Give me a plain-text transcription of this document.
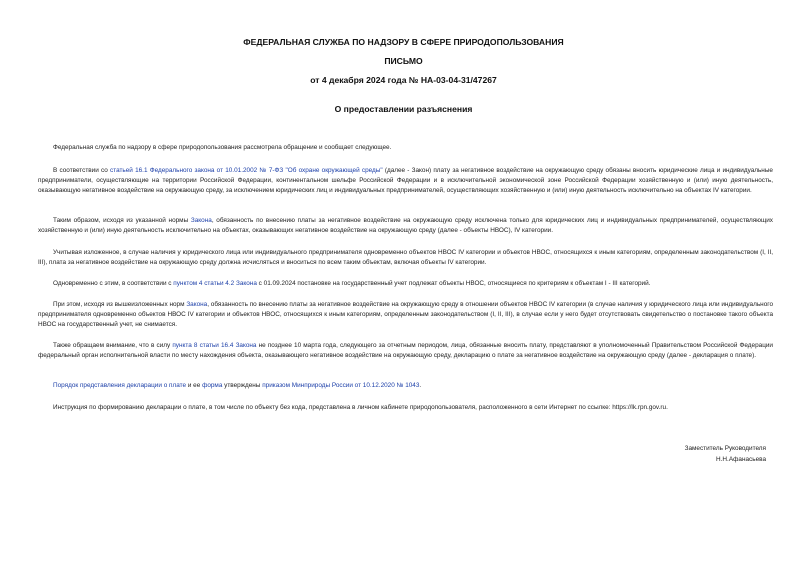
ФЕДЕРАЛЬНАЯ СЛУЖБА ПО НАДЗОРУ В СФЕРЕ ПРИРОДОПОЛЬЗОВАНИЯ
ПИСЬМО
от 4 декабря 2024 года № НА-03-04-31/47267
О предоставлении разъяснения

Федеральная служба по надзору в сфере природопользования рассмотрела обращение и сообщает следующее.

В соответствии со статьей 16.1 Федерального закона от 10.01.2002 № 7-ФЗ "Об охране окружающей среды" (далее - Закон) плату за негативное воздействие на окружающую среду обязаны вносить юридические лица и индивидуальные предприниматели, осуществляющие на территории Российской Федерации, континентальном шельфе Российской Федерации и в исключительной экономической зоне Российской Федерации хозяйственную и (или) иную деятельность, оказывающую негативное воздействие на окружающую среду, за исключением юридических лиц и индивидуальных предпринимателей, осуществляющих хозяйственную и (или) иную деятельность исключительно на объектах IV категории.

Таким образом, исходя из указанной нормы Закона, обязанность по внесению платы за негативное воздействие на окружающую среду исключена только для юридических лиц и индивидуальных предпринимателей, осуществляющих хозяйственную и (или) иную деятельность исключительно на объектах, оказывающих негативное воздействие на окружающую среду (далее - объекты НВОС), IV категории.

Учитывая изложенное, в случае наличия у юридического лица или индивидуального предпринимателя одновременно объектов НВОС IV категории и объектов НВОС, относящихся к иным категориям, определенным законодательством (I, II, III), плата за негативное воздействие на окружающую среду должна исчисляться и вноситься по всем таким объектам, включая объекты IV категории.

Одновременно с этим, в соответствии с пунктом 4 статьи 4.2 Закона с 01.09.2024 постановке на государственный учет подлежат объекты НВОС, относящиеся по критериям к объектам I - III категорий.

При этом, исходя из вышеизложенных норм Закона, обязанность по внесению платы за негативное воздействие на окружающую среду в отношении объектов НВОС IV категории (в случае наличия у юридического лица или индивидуального предпринимателя одновременно объектов НВОС IV категории и объектов НВОС, относящихся к иным категориям, определенным законодательством (I, II, III), в случае если у него будет отсутствовать свидетельство о постановке такого объекта НВОС на государственный учет, не снимается.

Также обращаем внимание, что в силу пункта 8 статьи 16.4 Закона не позднее 10 марта года, следующего за отчетным периодом, лица, обязанные вносить плату, представляют в уполномоченный Правительством Российской Федерации федеральный орган исполнительной власти по месту нахождения объекта, оказывающего негативное воздействие на окружающую среду, декларацию о плате за негативное воздействие на окружающую среду (далее - декларация о плате).

Порядок представления декларации о плате и ее форма утверждены приказом Минприроды России от 10.12.2020 № 1043.

Инструкция по формированию декларации о плате, в том числе по объекту без кода, представлена в личном кабинете природопользователя, расположенного в сети Интернет по ссылке: https://lk.rpn.gov.ru.

Заместитель Руководителя
Н.Н.Афанасьева
